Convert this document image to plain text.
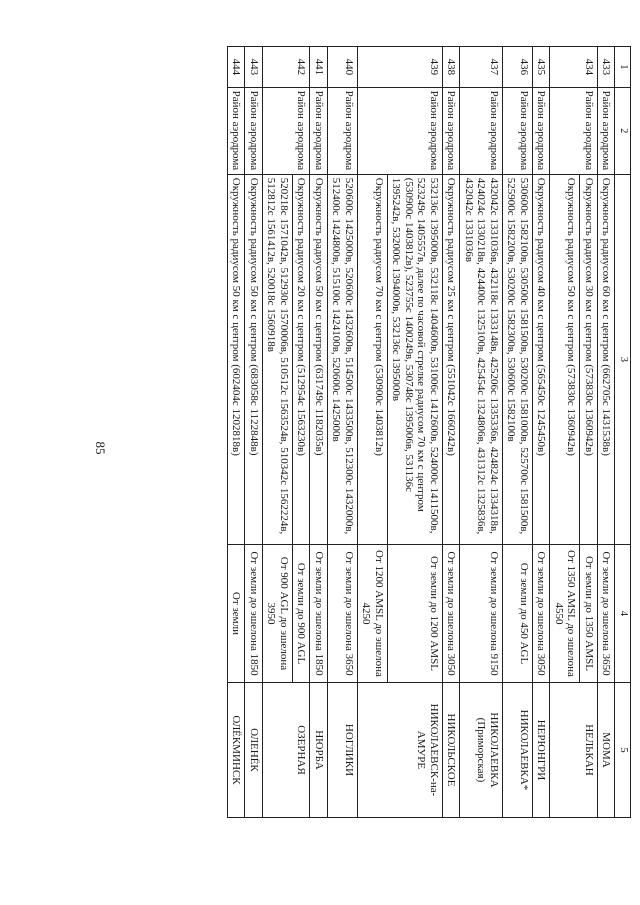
85
1	2	3	4	5
433	Район аэродрома	Окружность радиусом 60 км с центром (662705с 1431538в)	От земли до эшелона 3650	МОМА
434	Район аэродрома	Окружность радиусом 30 км с центром (573830с 1360942в)	От земли до 1350 AMSL	НЕЛЬКАН
		Окружность радиусом 50 км с центром (573830с 1360942в)	От 1350 AMSL до эшелона 4550	
435	Район аэродрома	Окружность радиусом 40 км с центром (565450с 1245450в)	От земли до эшелона 3050	НЕРЮНГРИ
436	Район аэродрома	530600с 1582100в, 530500с 1581500в, 530200с 1581000в, 525700с 1581500в, 525900с 1582200в, 530200с 1582300в, 530600с 1582100в	От земли до 450 AGL	НИКОЛАЕВКА*
437	Район аэродрома	432042с 1331036в, 432118с 1333148в, 425206с 1335336в, 424824с 1334318в, 424024с 1330218в, 424400с 1325100в, 425454с 1324806в, 431312с 1325836в, 432042с 1331036в	От земли до эшелона 9150	НИКОЛАЕВКА (Приморская)
438	Район аэродрома	Окружность радиусом 25 км с центром (551042с 1660242в)	От земли до эшелона 3050	НИКОЛЬСКОЕ
439	Район аэродрома	532136с 1395000в, 532118с 1404600в, 531006с 1412600в, 524000с 1411500в, 523249с 1405557в, далее по часовой стрелке радиусом 70 км с центром (530900с 1403812в), 523755с 1400249в, 530748с 1395006в, 531136с 1395242в, 532000с 1394000в, 532136с 1395000в	От земли до 1200 AMSL	НИКОЛАЕВСК-на-АМУРЕ
		Окружность радиусом 70 км с центром (530900с 1403812в)	От 1200 AMSL до эшелона 4250	
440	Район аэродрома	520600с 1425000в, 520600с 1432600в, 514500с 1433500в, 512300с 1432000в, 512400с 1424800в, 515100с 1424100в, 520600с 1425000в	От земли до эшелона 3650	НОГЛИКИ
441	Район аэродрома	Окружность радиусом 50 км с центром (631749с 1182035в)	От земли до эшелона 1850	НЮРБА
442	Район аэродрома	Окружность радиусом 20 км с центром (512954с 1563230в)	От земли до 900 AGL	ОЗЕРНАЯ
		520218с 1571042в, 512930с 1570006в, 510512с 1563524в, 510342с 1562224в, 512812с 1561412в, 520018с 1560918в	От 900 AGL до эшелона 3950	
443	Район аэродрома	Окружность радиусом 50 км с центром (683058с 1122848в)	От земли до эшелона 1850	ОЛЕНЁК
444	Район аэродрома	Окружность радиусом 50 км с центром (602404с 1202818в)	От земли	ОЛЁКМИНСК
